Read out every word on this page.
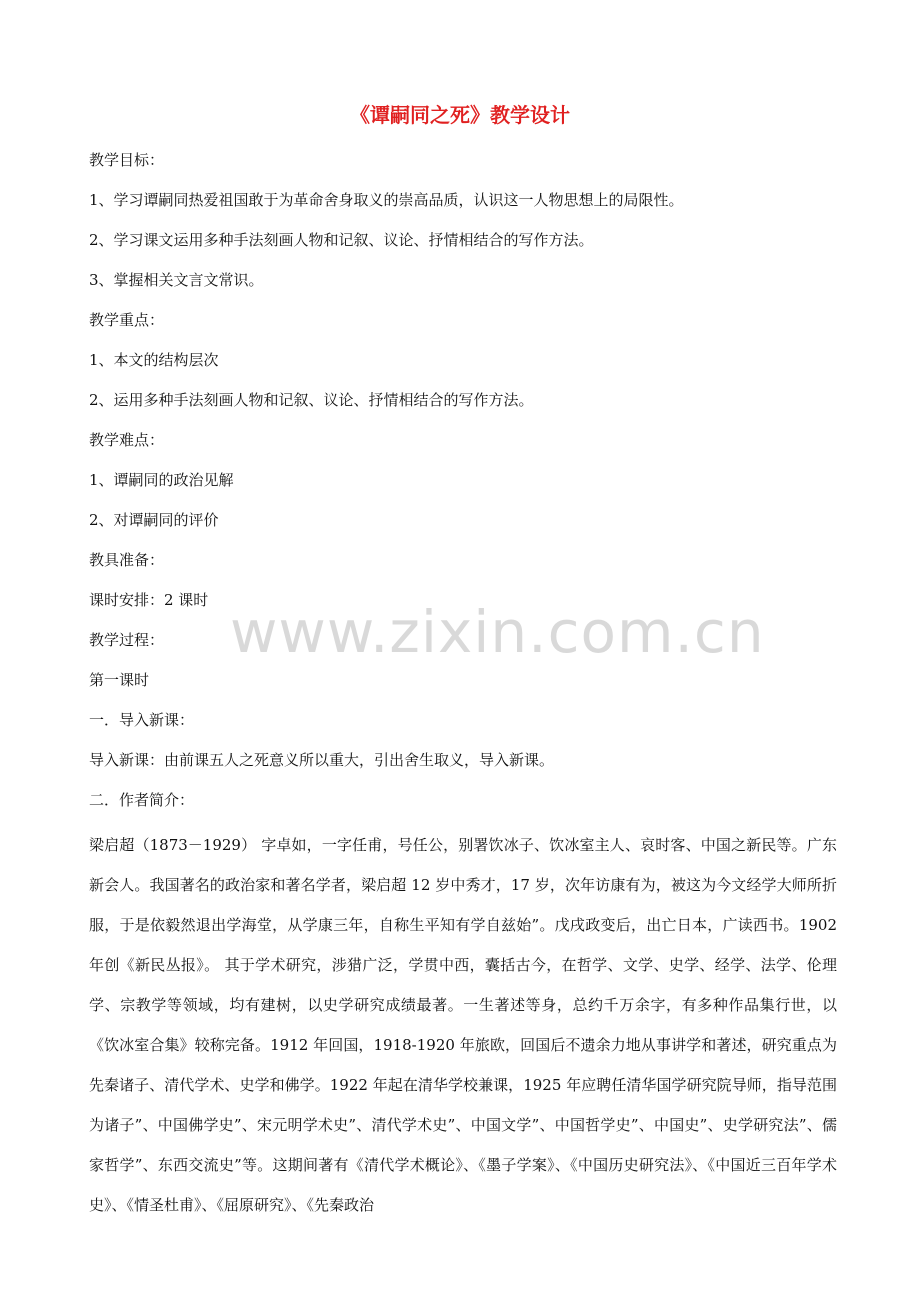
《谭嗣同之死》教学设计
教学目标：
1、学习谭嗣同热爱祖国敢于为革命舍身取义的崇高品质，认识这一人物思想上的局限性。
2、学习课文运用多种手法刻画人物和记叙、议论、抒情相结合的写作方法。
3、掌握相关文言文常识。
教学重点：
1、本文的结构层次
2、运用多种手法刻画人物和记叙、议论、抒情相结合的写作方法。
教学难点：
1、谭嗣同的政治见解
2、对谭嗣同的评价
教具准备：
课时安排：2 课时
教学过程：
第一课时
一．导入新课：
导入新课：由前课五人之死意义所以重大，引出舍生取义，导入新课。
二．作者简介：
梁启超（1873－1929） 字卓如，一字任甫，号任公，别署饮冰子、饮冰室主人、哀时客、中国之新民等。广东新会人。我国著名的政治家和著名学者，梁启超 12 岁中秀才，17 岁，次年访康有为，被这为今文经学大师所折服，于是依毅然退出学海堂，从学康三年，自称生平知有学自兹始”。戊戌政变后，出亡日本，广读西书。1902 年创《新民丛报》。 其于学术研究，涉猎广泛，学贯中西，囊括古今，在哲学、文学、史学、经学、法学、伦理学、宗教学等领域，均有建树，以史学研究成绩最著。一生著述等身，总约千万余字，有多种作品集行世，以《饮冰室合集》较称完备。1912 年回国，1918-1920 年旅欧，回国后不遗余力地从事讲学和著述，研究重点为先秦诸子、清代学术、史学和佛学。1922 年起在清华学校兼课，1925 年应聘任清华国学研究院导师，指导范围为诸子”、中国佛学史”、宋元明学术史”、清代学术史”、中国文学”、中国哲学史”、中国史”、史学研究法”、儒家哲学”、东西交流史”等。这期间著有《清代学术概论》、《墨子学案》、《中国历史研究法》、《中国近三百年学术史》、《情圣杜甫》、《屈原研究》、《先秦政治
www.zixin.com.cn
